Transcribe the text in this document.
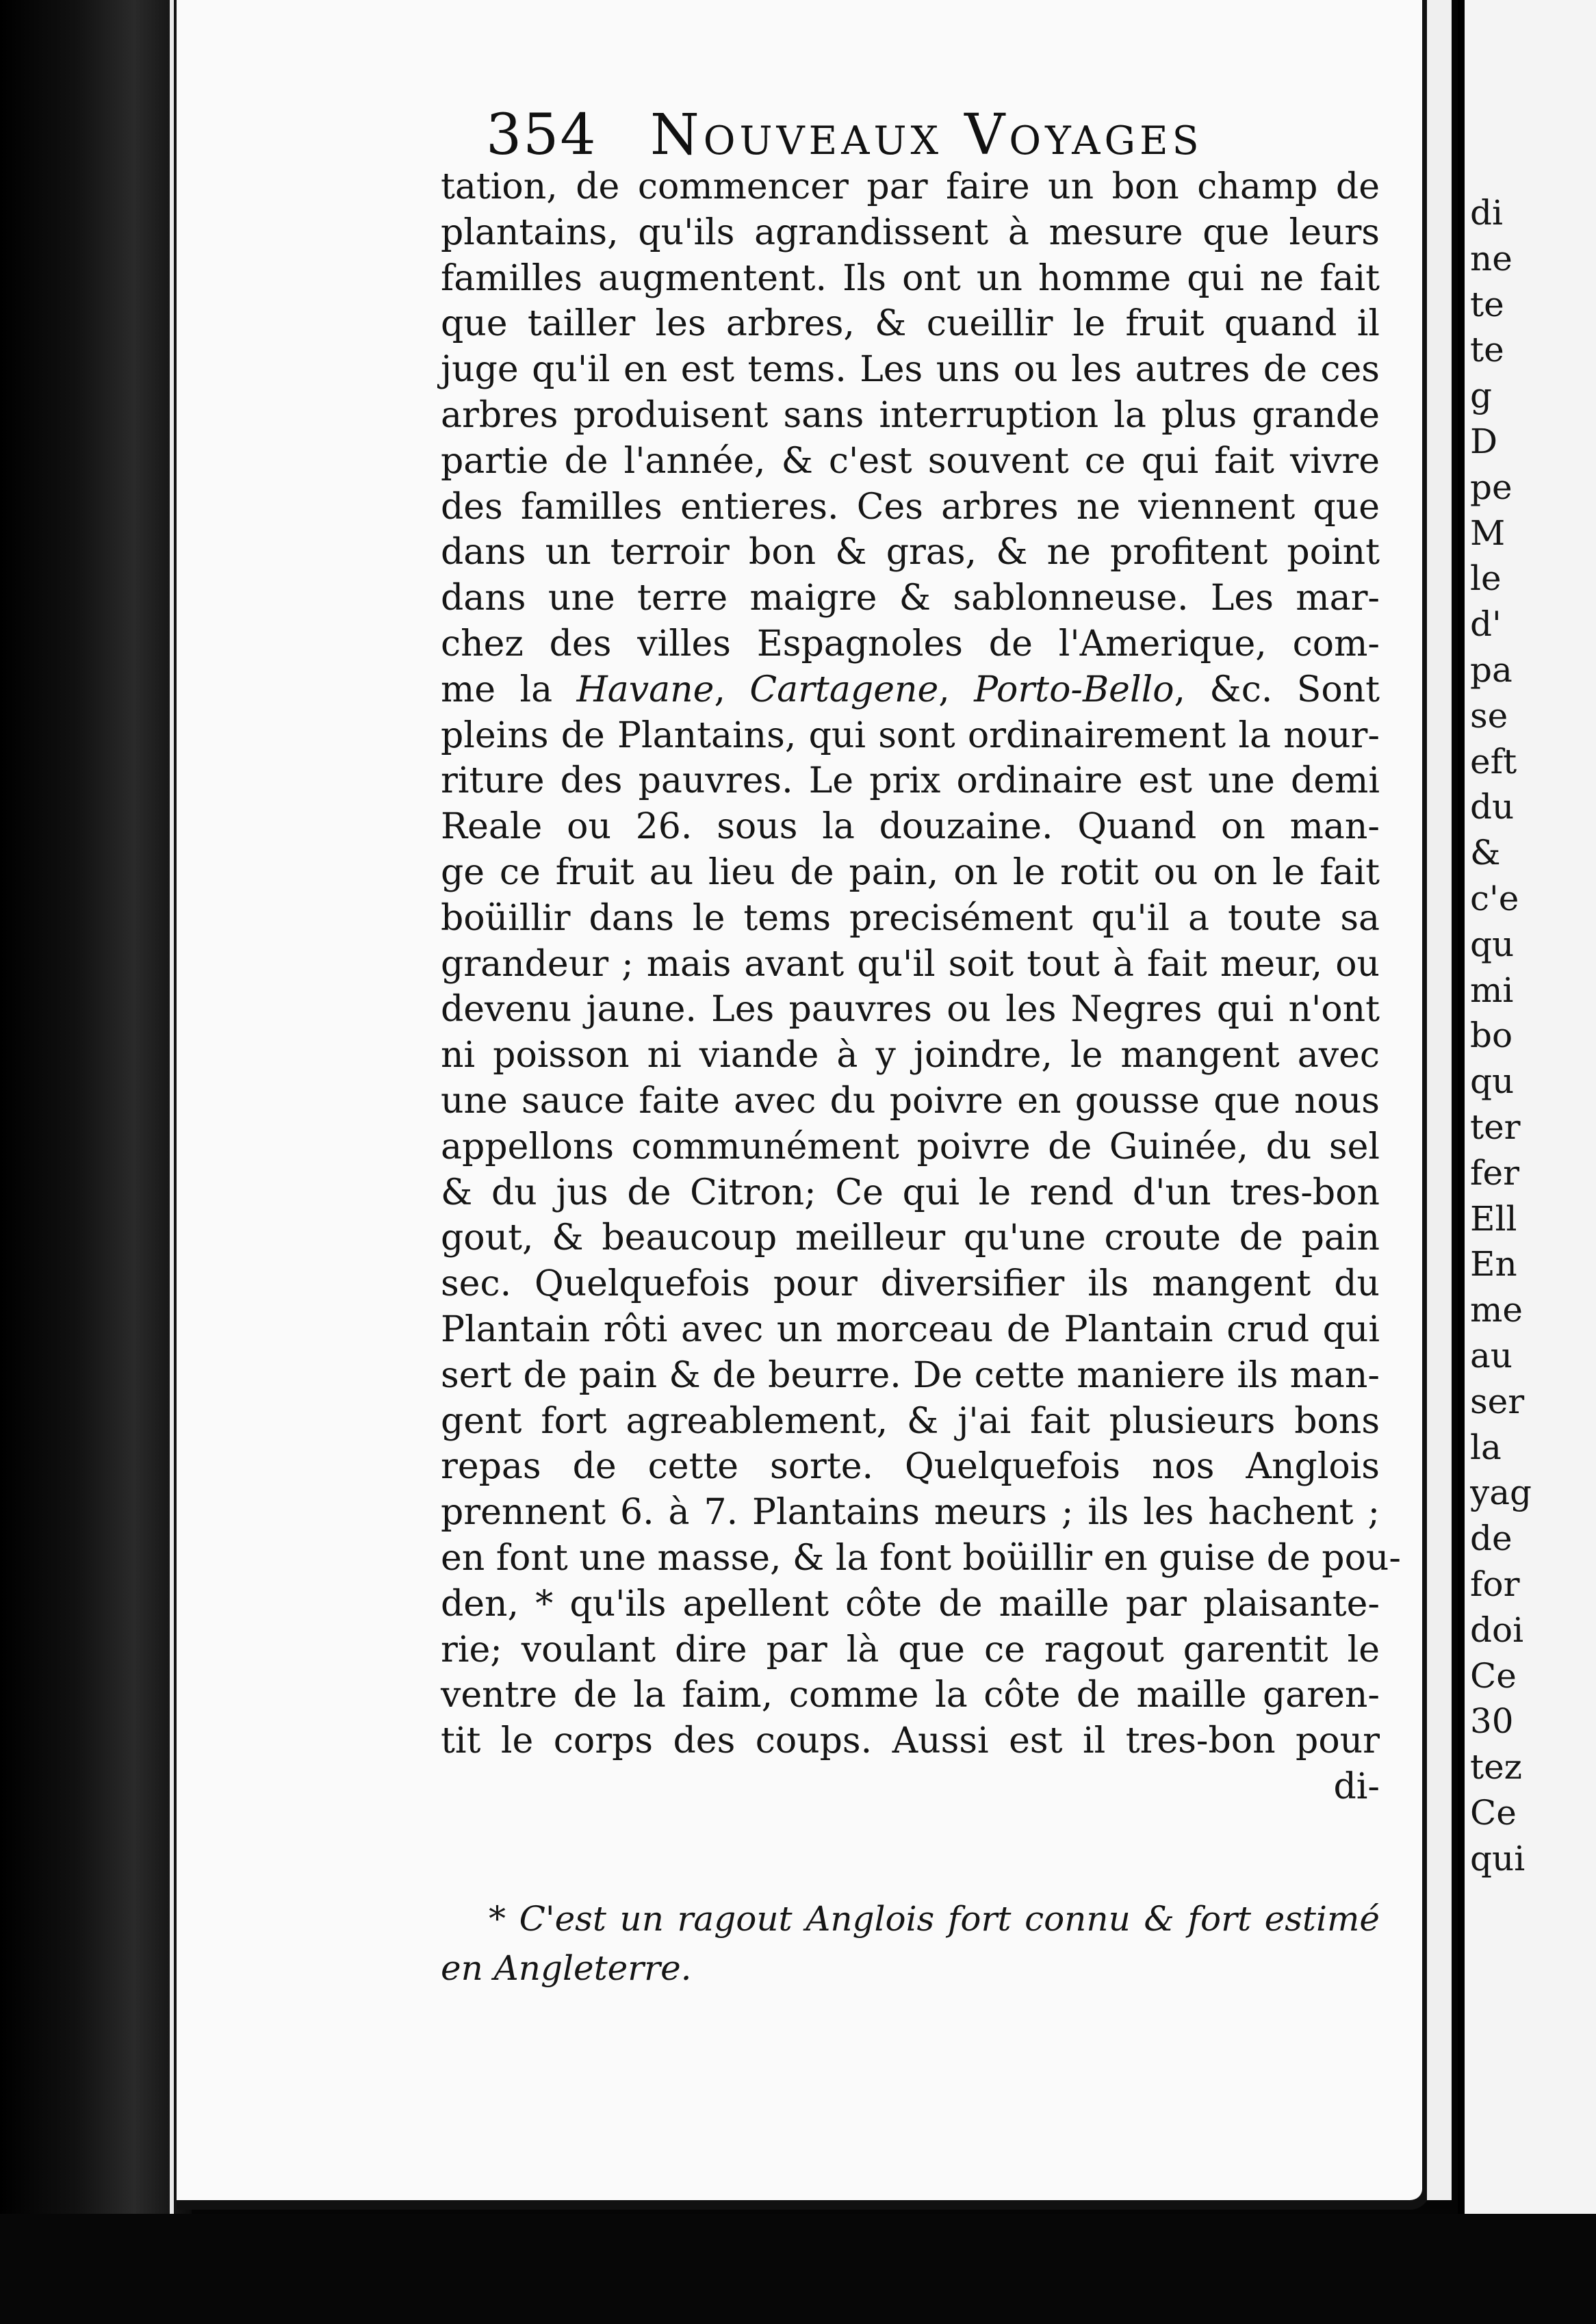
354 Nouveaux Voyages
tation, de commencer par faire un bon champ de
plantains, qu'ils agrandissent à mesure que leurs
familles augmentent. Ils ont un homme qui ne fait
que tailler les arbres, & cueillir le fruit quand il
juge qu'il en est tems. Les uns ou les autres de ces
arbres produisent sans interruption la plus grande
partie de l'année, & c'est souvent ce qui fait vivre
des familles entieres. Ces arbres ne viennent que
dans un terroir bon & gras, & ne profitent point
dans une terre maigre & sablonneuse. Les mar-
chez des villes Espagnoles de l'Amerique, com-
me la Havane, Cartagene, Porto-Bello, &c. Sont
pleins de Plantains, qui sont ordinairement la nour-
riture des pauvres. Le prix ordinaire est une demi
Reale ou 26. sous la douzaine. Quand on man-
ge ce fruit au lieu de pain, on le rotit ou on le fait
boüillir dans le tems precisément qu'il a toute sa
grandeur ; mais avant qu'il soit tout à fait meur, ou
devenu jaune. Les pauvres ou les Negres qui n'ont
ni poisson ni viande à y joindre, le mangent avec
une sauce faite avec du poivre en gousse que nous
appellons communément poivre de Guinée, du sel
& du jus de Citron; Ce qui le rend d'un tres-bon
gout, & beaucoup meilleur qu'une croute de pain
sec. Quelquefois pour diversifier ils mangent du
Plantain rôti avec un morceau de Plantain crud qui
sert de pain & de beurre. De cette maniere ils man-
gent fort agreablement, & j'ai fait plusieurs bons
repas de cette sorte. Quelquefois nos Anglois
prennent 6. à 7. Plantains meurs ; ils les hachent ;
en font une masse, & la font boüillir en guise de pou-
den, * qu'ils apellent côte de maille par plaisante-
rie; voulant dire par là que ce ragout garentit le
ventre de la faim, comme la côte de maille garen-
tit le corps des coups. Aussi est il tres-bon pour
di-
* C'est un ragout Anglois fort connu & fort estimé
en Angleterre.
di
ne
te
te
g
D
pe
M
le
d'
pa
se
eft
du
&
c'e
qu
mi
bo
qu
ter
fer
Ell
En
me
au
ser
la
yag
de
for
doi
Ce
30
tez
Ce
qui
